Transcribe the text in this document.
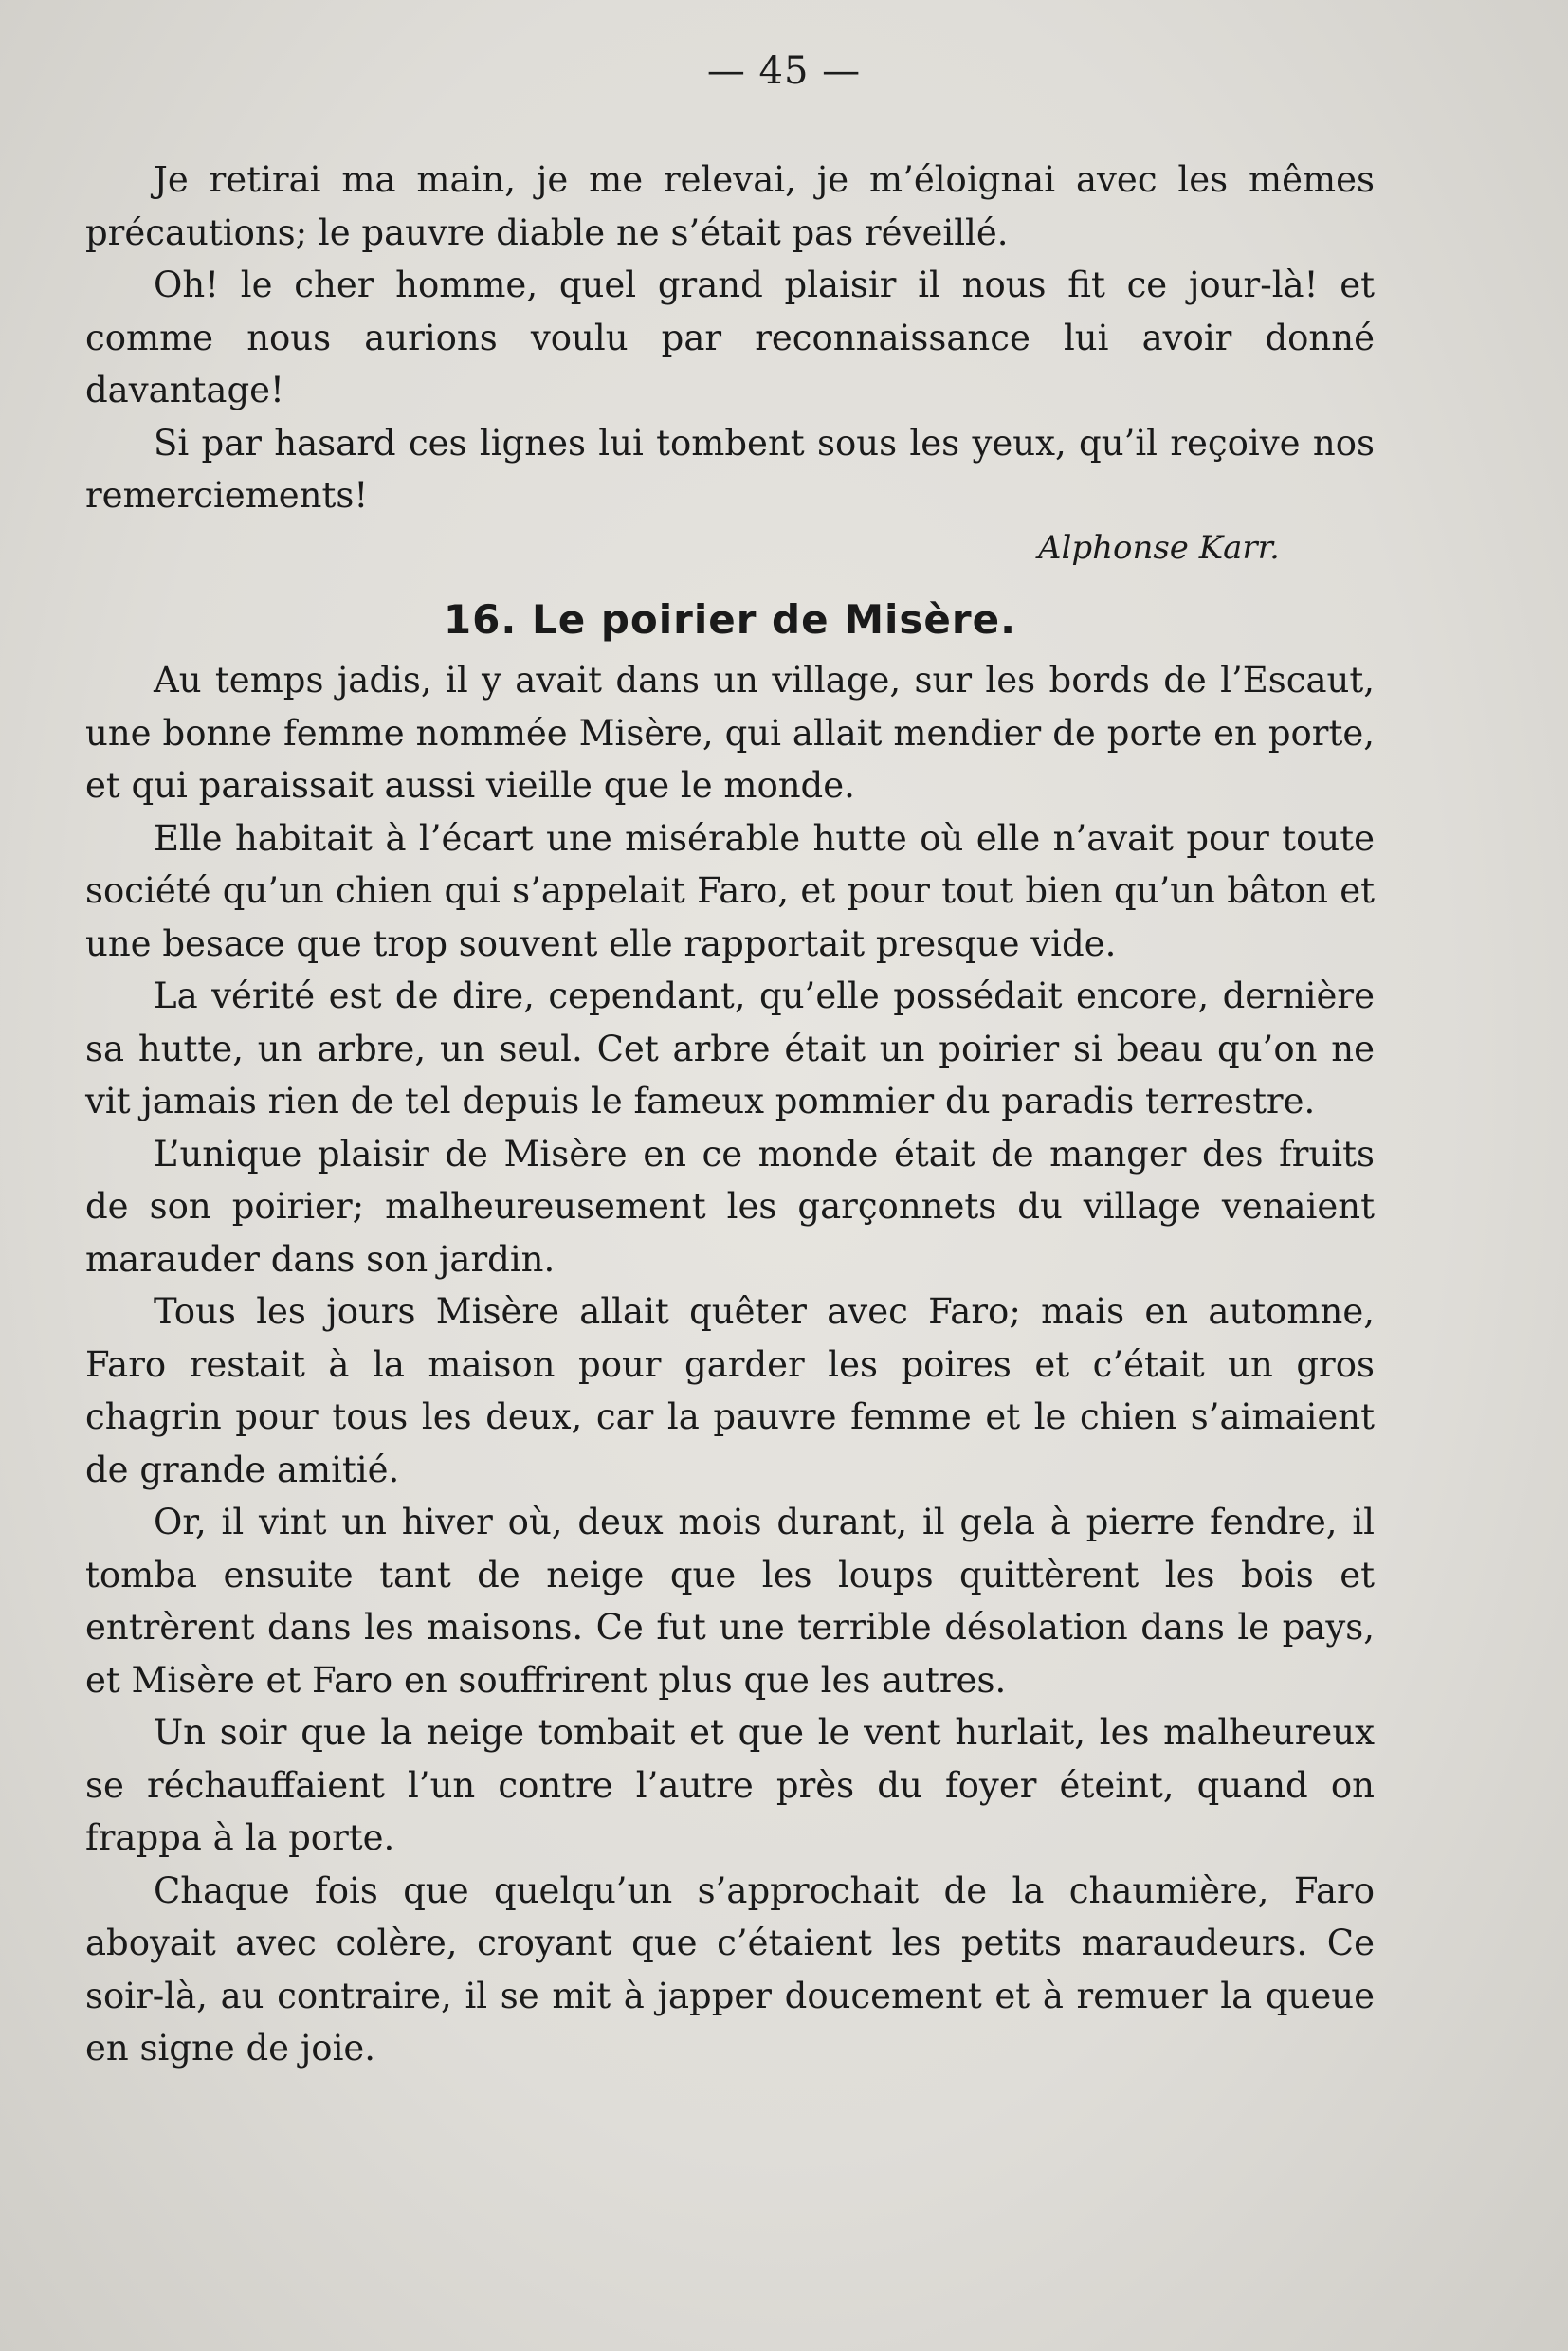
— 45 —

Je retirai ma main, je me relevai, je m’éloignai avec les mêmes précautions; le pauvre diable ne s’était pas réveillé.

Oh! le cher homme, quel grand plaisir il nous fit ce jour-là! et comme nous aurions voulu par reconnaissance lui avoir donné davantage!

Si par hasard ces lignes lui tombent sous les yeux, qu’il reçoive nos remerciements!

Alphonse Karr.

16. Le poirier de Misère.

Au temps jadis, il y avait dans un village, sur les bords de l’Escaut, une bonne femme nommée Misère, qui allait mendier de porte en porte, et qui paraissait aussi vieille que le monde.

Elle habitait à l’écart une misérable hutte où elle n’avait pour toute société qu’un chien qui s’appelait Faro, et pour tout bien qu’un bâton et une besace que trop souvent elle rapportait presque vide.

La vérité est de dire, cependant, qu’elle possédait encore, dernière sa hutte, un arbre, un seul. Cet arbre était un poirier si beau qu’on ne vit jamais rien de tel depuis le fameux pommier du paradis terrestre.

L’unique plaisir de Misère en ce monde était de manger des fruits de son poirier; malheureusement les garçonnets du village venaient marauder dans son jardin.

Tous les jours Misère allait quêter avec Faro; mais en automne, Faro restait à la maison pour garder les poires et c’était un gros chagrin pour tous les deux, car la pauvre femme et le chien s’aimaient de grande amitié.

Or, il vint un hiver où, deux mois durant, il gela à pierre fendre, il tomba ensuite tant de neige que les loups quittèrent les bois et entrèrent dans les maisons. Ce fut une terrible désolation dans le pays, et Misère et Faro en souffrirent plus que les autres.

Un soir que la neige tombait et que le vent hurlait, les malheureux se réchauffaient l’un contre l’autre près du foyer éteint, quand on frappa à la porte.

Chaque fois que quelqu’un s’approchait de la chaumière, Faro aboyait avec colère, croyant que c’étaient les petits maraudeurs. Ce soir-là, au contraire, il se mit à japper doucement et à remuer la queue en signe de joie.
